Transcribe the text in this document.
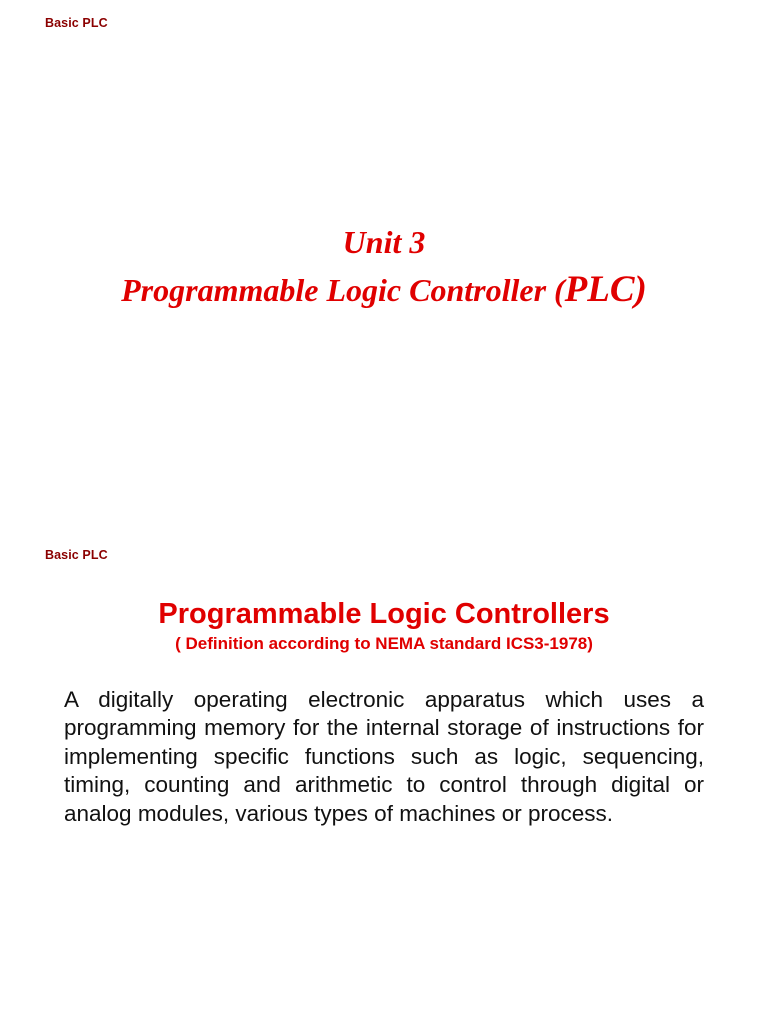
Basic PLC
Unit 3
Programmable Logic Controller (PLC)
Basic PLC
Programmable Logic Controllers
( Definition according to NEMA standard ICS3-1978)

A digitally operating electronic apparatus which uses a programming memory for the internal storage of instructions for implementing specific functions such as logic, sequencing, timing, counting and arithmetic to control through digital or analog modules, various types of machines or process.
